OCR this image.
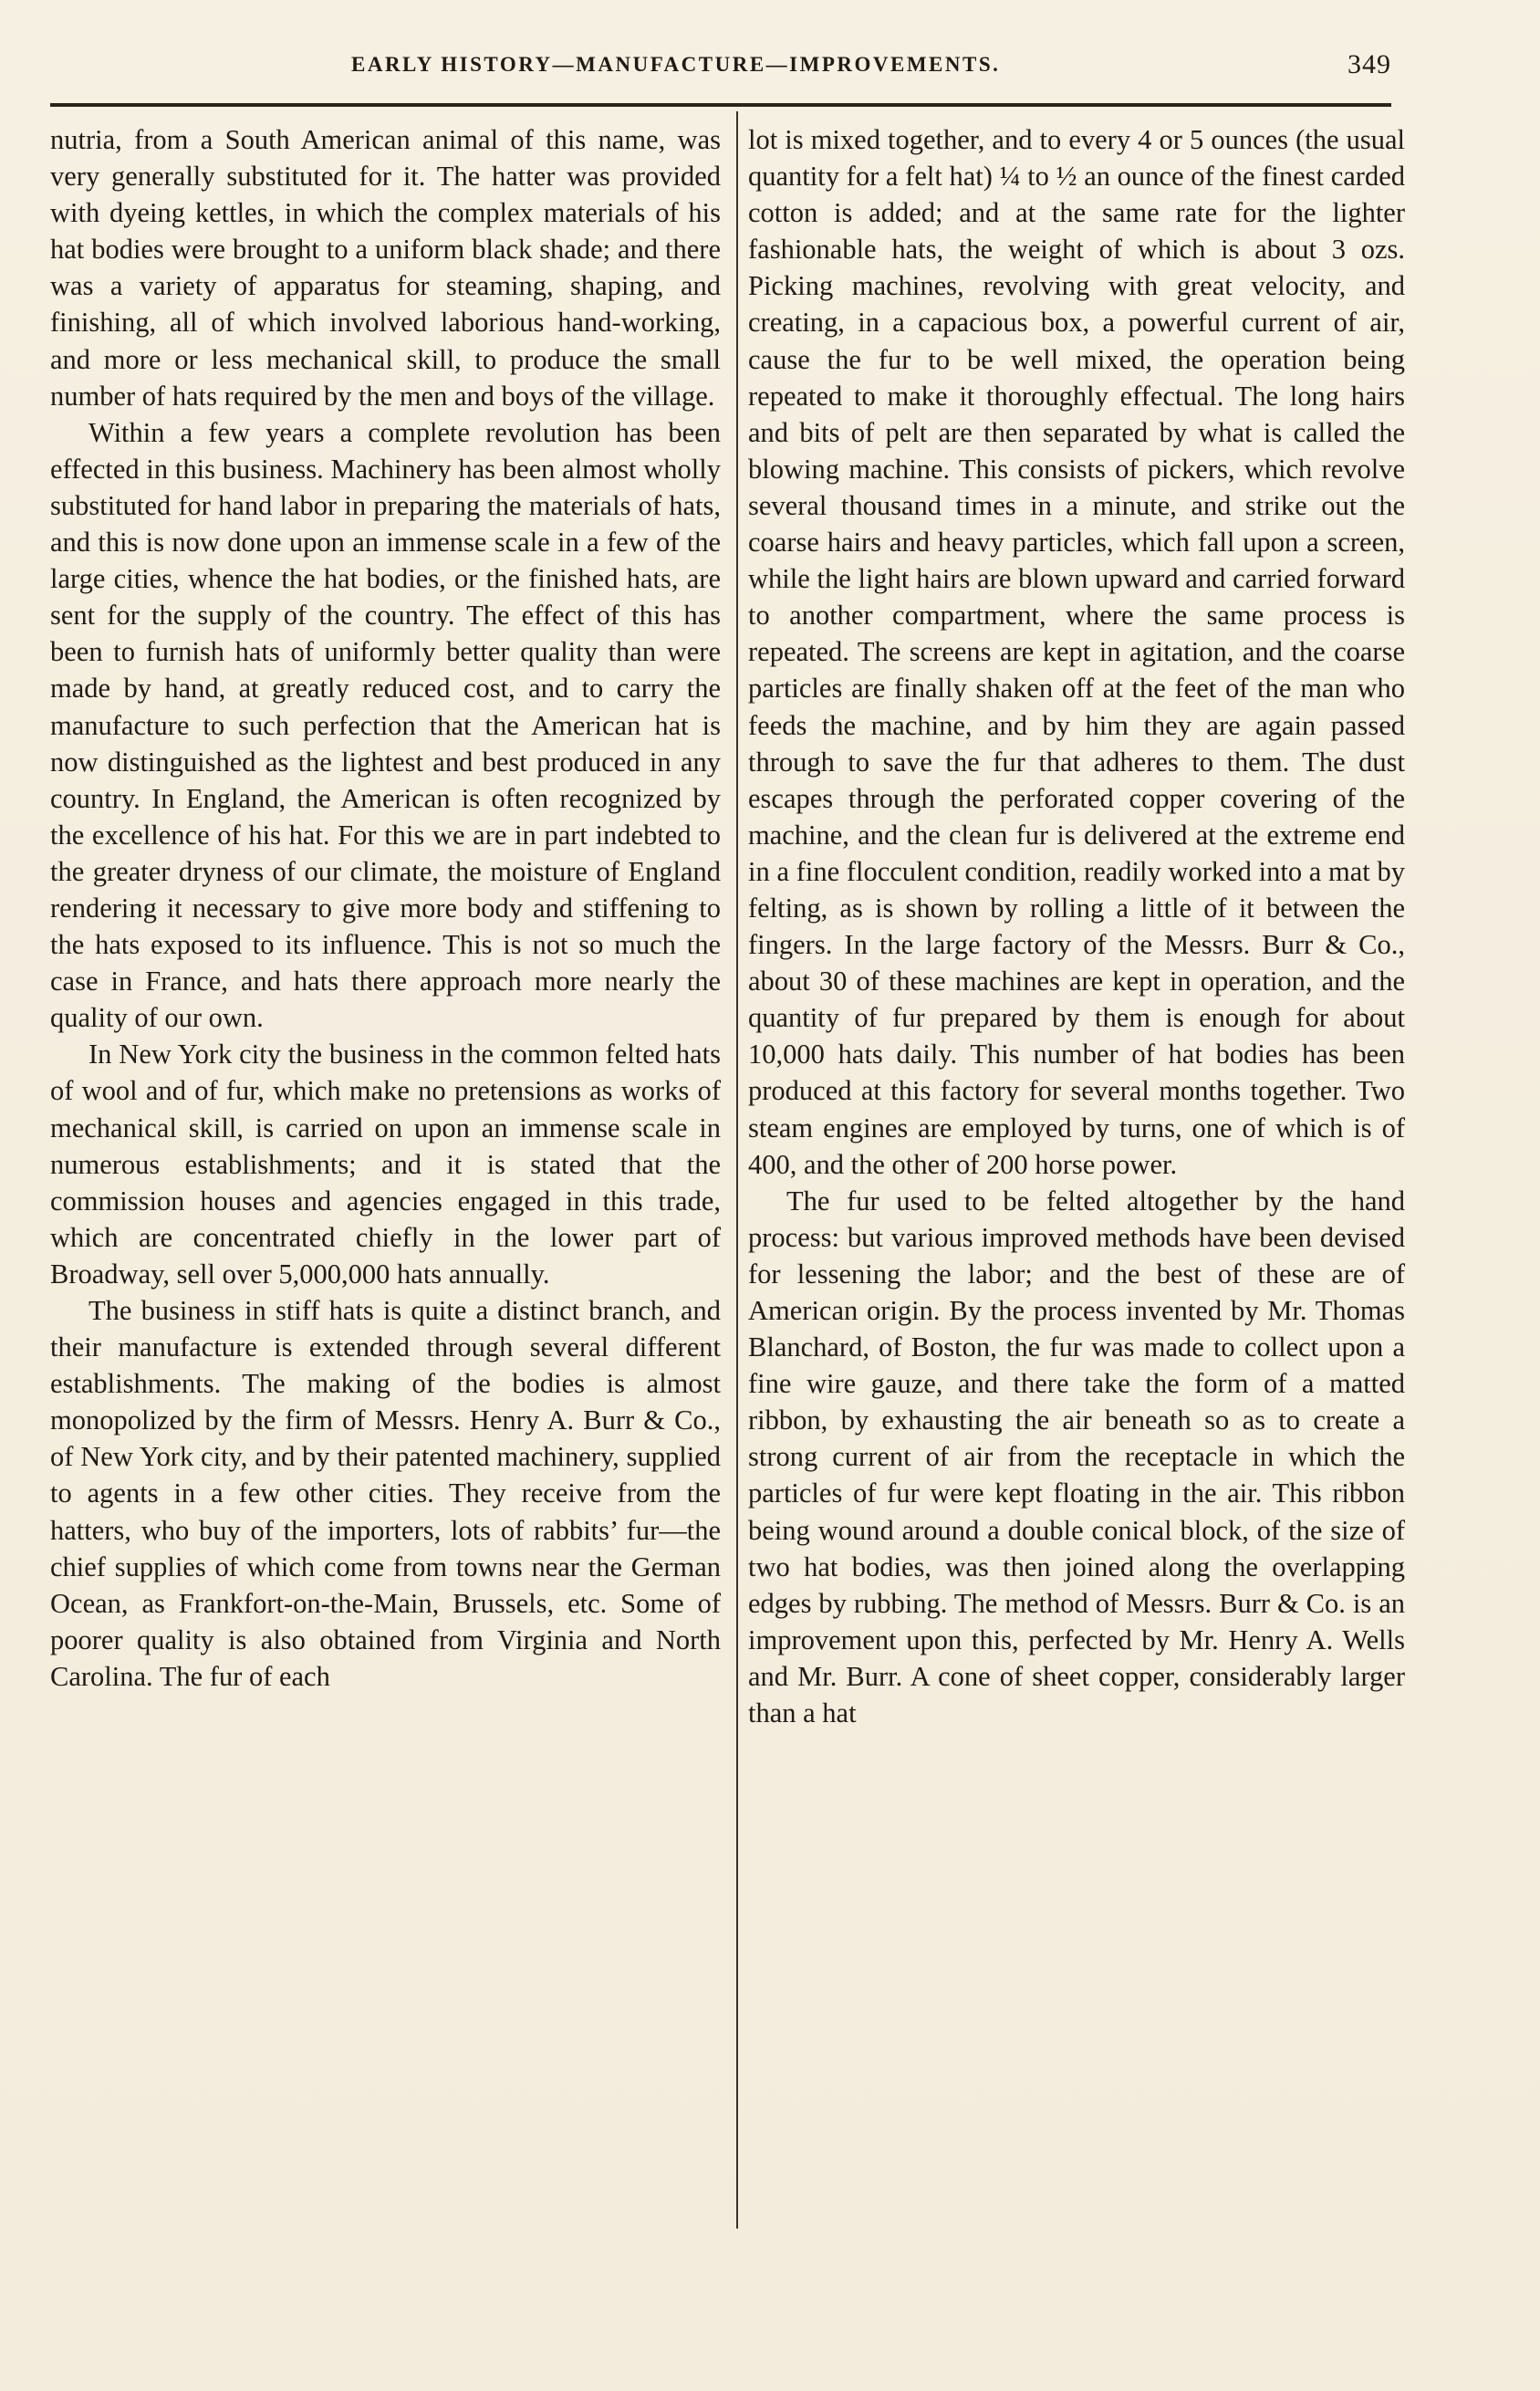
EARLY HISTORY—MANUFACTURE—IMPROVEMENTS.	349

nutria, from a South American animal of this name, was very generally substituted for it. The hatter was provided with dyeing kettles, in which the complex materials of his hat bodies were brought to a uniform black shade; and there was a variety of apparatus for steaming, shaping, and finishing, all of which involved laborious hand-working, and more or less mechanical skill, to produce the small number of hats required by the men and boys of the village.

Within a few years a complete revolution has been effected in this business. Machinery has been almost wholly substituted for hand labor in preparing the materials of hats, and this is now done upon an immense scale in a few of the large cities, whence the hat bodies, or the finished hats, are sent for the supply of the country. The effect of this has been to furnish hats of uniformly better quality than were made by hand, at greatly reduced cost, and to carry the manufacture to such perfection that the American hat is now distinguished as the lightest and best produced in any country. In England, the American is often recognized by the excellence of his hat. For this we are in part indebted to the greater dryness of our climate, the moisture of England rendering it necessary to give more body and stiffening to the hats exposed to its influence. This is not so much the case in France, and hats there approach more nearly the quality of our own.

In New York city the business in the common felted hats of wool and of fur, which make no pretensions as works of mechanical skill, is carried on upon an immense scale in numerous establishments; and it is stated that the commission houses and agencies engaged in this trade, which are concentrated chiefly in the lower part of Broadway, sell over 5,000,000 hats annually.

The business in stiff hats is quite a distinct branch, and their manufacture is extended through several different establishments. The making of the bodies is almost monopolized by the firm of Messrs. Henry A. Burr & Co., of New York city, and by their patented machinery, supplied to agents in a few other cities. They receive from the hatters, who buy of the importers, lots of rabbits’ fur—the chief supplies of which come from towns near the German Ocean, as Frankfort-on-the-Main, Brussels, etc. Some of poorer quality is also obtained from Virginia and North Carolina. The fur of each

lot is mixed together, and to every 4 or 5 ounces (the usual quantity for a felt hat) ¼ to ½ an ounce of the finest carded cotton is added; and at the same rate for the lighter fashionable hats, the weight of which is about 3 ozs. Picking machines, revolving with great velocity, and creating, in a capacious box, a powerful current of air, cause the fur to be well mixed, the operation being repeated to make it thoroughly effectual. The long hairs and bits of pelt are then separated by what is called the blowing machine. This consists of pickers, which revolve several thousand times in a minute, and strike out the coarse hairs and heavy particles, which fall upon a screen, while the light hairs are blown upward and carried forward to another compartment, where the same process is repeated. The screens are kept in agitation, and the coarse particles are finally shaken off at the feet of the man who feeds the machine, and by him they are again passed through to save the fur that adheres to them. The dust escapes through the perforated copper covering of the machine, and the clean fur is delivered at the extreme end in a fine flocculent condition, readily worked into a mat by felting, as is shown by rolling a little of it between the fingers. In the large factory of the Messrs. Burr & Co., about 30 of these machines are kept in operation, and the quantity of fur prepared by them is enough for about 10,000 hats daily. This number of hat bodies has been produced at this factory for several months together. Two steam engines are employed by turns, one of which is of 400, and the other of 200 horse power.

The fur used to be felted altogether by the hand process: but various improved methods have been devised for lessening the labor; and the best of these are of American origin. By the process invented by Mr. Thomas Blanchard, of Boston, the fur was made to collect upon a fine wire gauze, and there take the form of a matted ribbon, by exhausting the air beneath so as to create a strong current of air from the receptacle in which the particles of fur were kept floating in the air. This ribbon being wound around a double conical block, of the size of two hat bodies, was then joined along the overlapping edges by rubbing. The method of Messrs. Burr & Co. is an improvement upon this, perfected by Mr. Henry A. Wells and Mr. Burr. A cone of sheet copper, considerably larger than a hat
